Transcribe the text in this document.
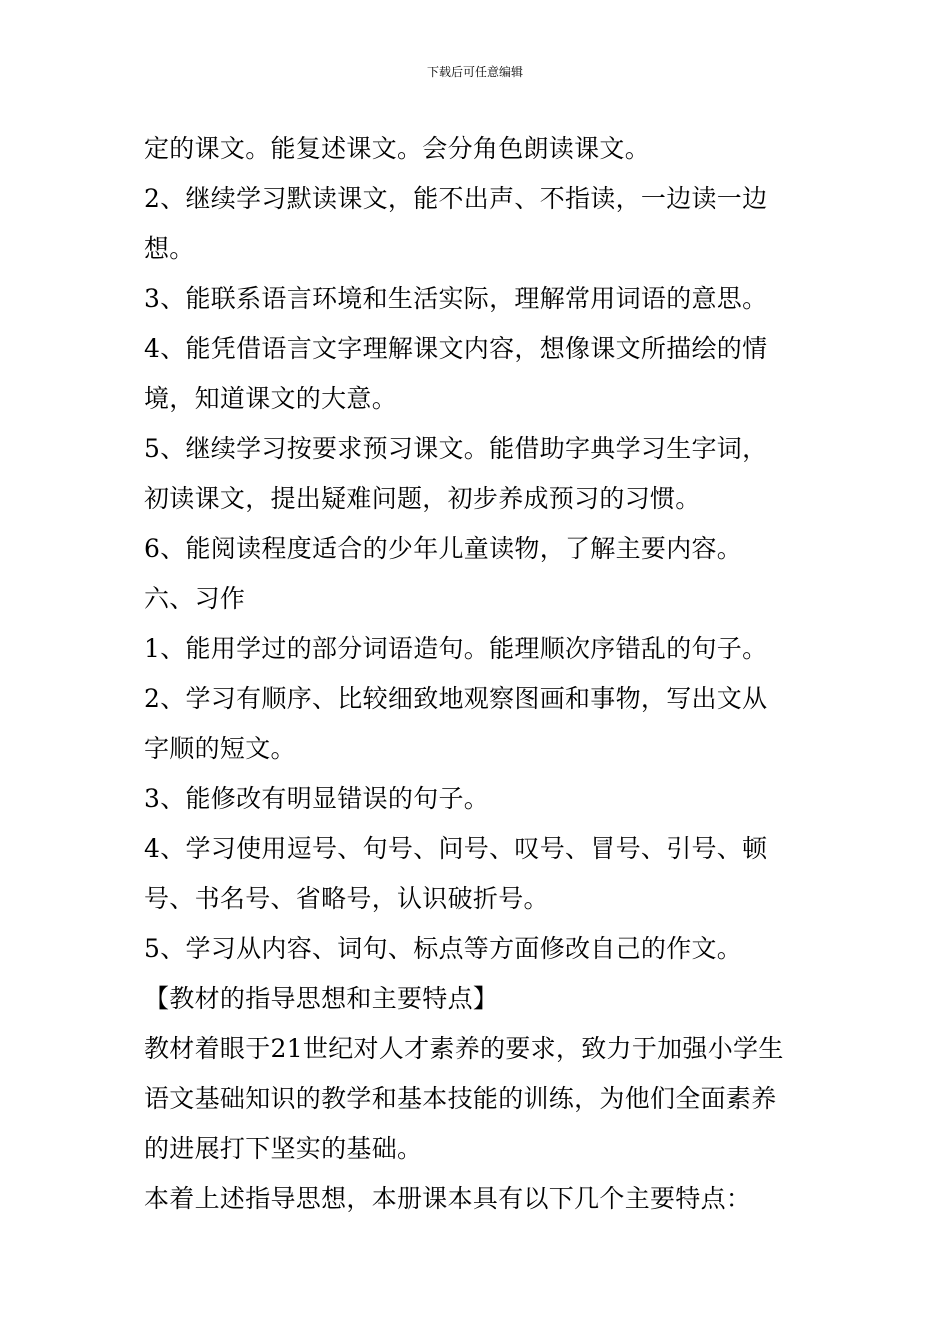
下载后可任意编辑
定的课文。能复述课文。会分角色朗读课文。
2、继续学习默读课文，能不出声、不指读，一边读一边
想。
3、能联系语言环境和生活实际，理解常用词语的意思。
4、能凭借语言文字理解课文内容，想像课文所描绘的情
境，知道课文的大意。
5、继续学习按要求预习课文。能借助字典学习生字词，
初读课文，提出疑难问题，初步养成预习的习惯。
6、能阅读程度适合的少年儿童读物，了解主要内容。
六、习作
1、能用学过的部分词语造句。能理顺次序错乱的句子。
2、学习有顺序、比较细致地观察图画和事物，写出文从
字顺的短文。
3、能修改有明显错误的句子。
4、学习使用逗号、句号、问号、叹号、冒号、引号、顿
号、书名号、省略号，认识破折号。
5、学习从内容、词句、标点等方面修改自己的作文。
【教材的指导思想和主要特点】
教材着眼于21世纪对人才素养的要求，致力于加强小学生
语文基础知识的教学和基本技能的训练，为他们全面素养
的进展打下坚实的基础。
本着上述指导思想，本册课本具有以下几个主要特点：
